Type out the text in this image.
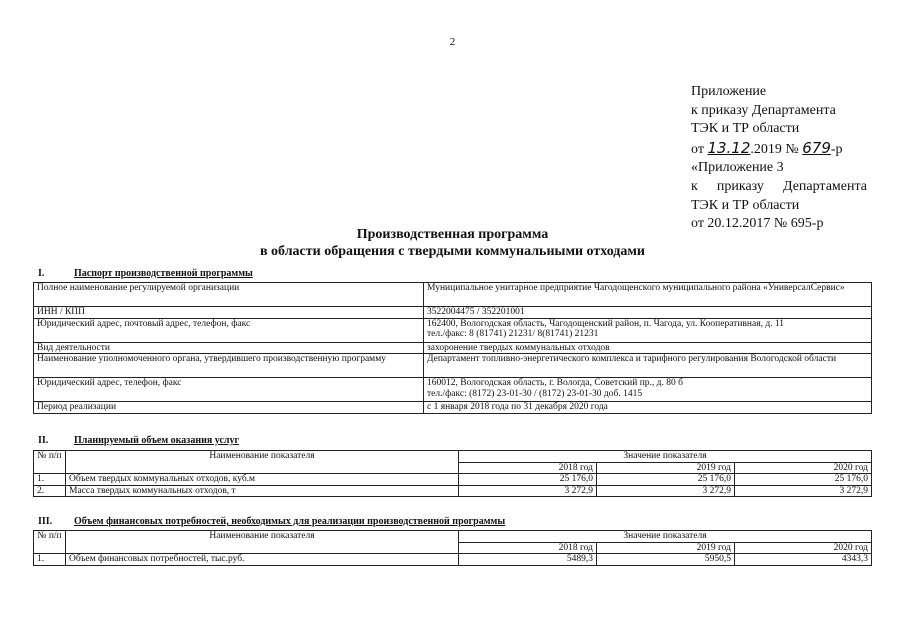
2
Приложение
к приказу Департамента
ТЭК и ТР области
от 13.12.2019 № 679-р
«Приложение 3
к приказу Департамента
ТЭК и ТР области
от 20.12.2017 № 695-р
Производственная программа
в области обращения с твердыми коммунальными отходами
I.	Паспорт производственной программы
Полное наименование регулируемой организации	Муниципальное унитарное предприятие Чагодощенского муниципального района «УниверсалСервис»
ИНН / КПП	3522004475 / 352201001
Юридический адрес, почтовый адрес, телефон, факс	162400, Вологодская область, Чагодощенский район, п. Чагода, ул. Кооперативная, д. 11
тел./факс: 8 (81741) 21231/ 8(81741) 21231

Вид деятельности	захоронение твердых коммунальных отходов
Наименование уполномоченного органа, утвердившего производственную программу	Департамент топливно-энергетического комплекса и тарифного регулирования Вологодской области
Юридический адрес, телефон, факс	160012, Вологодская область, г. Вологда, Советский пр., д. 80 б
тел./факс: (8172) 23-01-30 / (8172) 23-01-30 доб. 1415

Период реализации	с 1 января 2018 года по 31 декабря 2020 года
II.	Планируемый объем оказания услуг
№ п/п	Наименование показателя	Значение показателя		
		2018 год	2019 год	2020 год
1.	Объем твердых коммунальных отходов, куб.м	25 176,0	25 176,0	25 176,0
2.	Масса твердых коммунальных отходов, т	3 272,9	3 272,9	3 272,9
III. Объем финансовых потребностей, необходимых для реализации производственной программы
№ п/п	Наименование показателя	Значение показателя		
		2018 год	2019 год	2020 год
1.	Объем финансовых потребностей, тыс.руб.	5489,3	5950,5	4343,3
